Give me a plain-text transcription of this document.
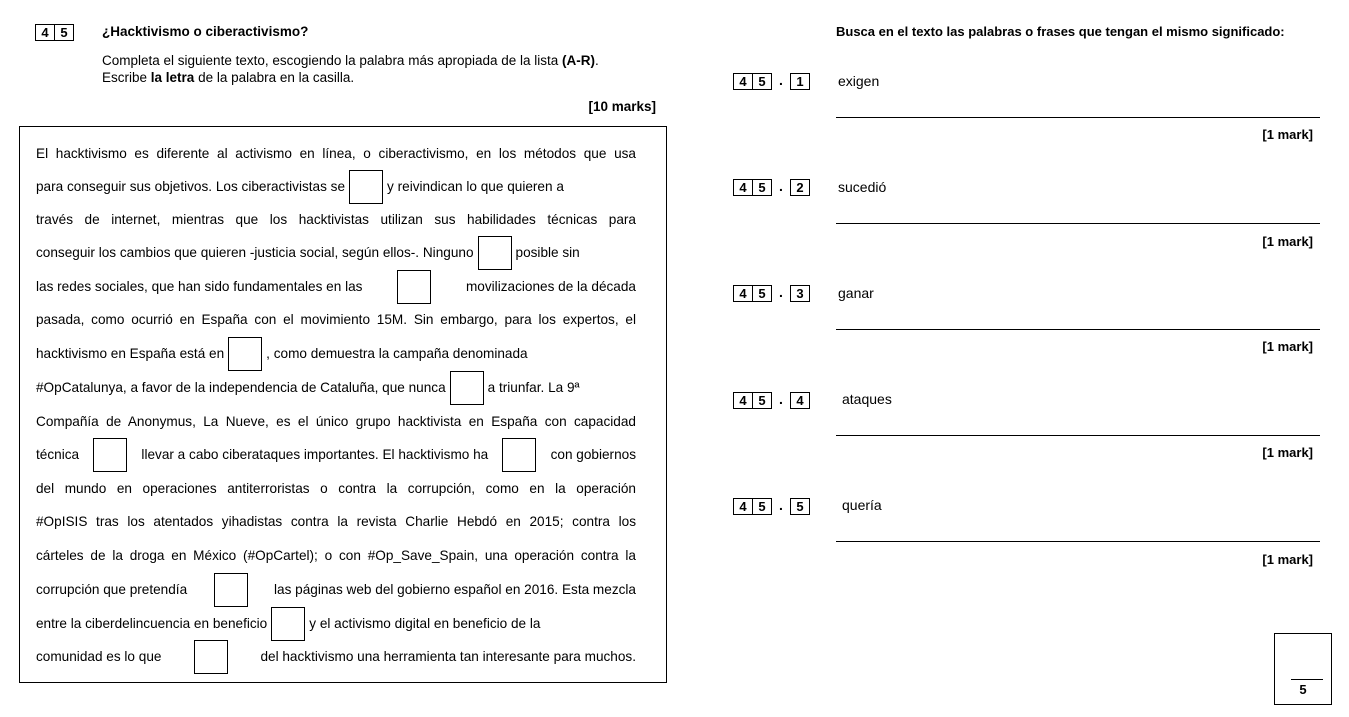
4 5	¿Hacktivismo o ciberactivismo?
Completa el siguiente texto, escogiendo la palabra más apropiada de la lista (A-R).
Escribe la letra de la palabra en la casilla.
[10 marks]
El hacktivismo es diferente al activismo en línea, o ciberactivismo, en los métodos que usa
para conseguir sus objetivos. Los ciberactivistas se	y reivindican lo que quieren a
través de internet, mientras que los hacktivistas utilizan sus habilidades técnicas para
conseguir los cambios que quieren -justicia social, según ellos-. Ninguno	posible sin
las redes sociales, que han sido fundamentales en las	movilizaciones de la década
pasada, como ocurrió en España con el movimiento 15M. Sin embargo, para los expertos, el
hacktivismo en España está en	, como demuestra la campaña denominada
#OpCatalunya, a favor de la independencia de Cataluña, que nunca	a triunfar. La 9ª
Compañía de Anonymus, La Nueve, es el único grupo hacktivista en España con capacidad
técnica	llevar a cabo ciberataques importantes. El hacktivismo ha	con gobiernos
del mundo en operaciones antiterroristas o contra la corrupción, como en la operación
#OpISIS tras los atentados yihadistas contra la revista Charlie Hebdó en 2015; contra los
cárteles de la droga en México (#OpCartel); o con #Op_Save_Spain, una operación contra la
corrupción que pretendía	las páginas web del gobierno español en 2016. Esta mezcla
entre la ciberdelincuencia en beneficio	y el activismo digital en beneficio de la
comunidad es lo que	del hacktivismo una herramienta tan interesante para muchos.
Busca en el texto las palabras o frases que tengan el mismo significado:
4 5 .	1	exigen
[1 mark]
4 5 .	2	sucedió
[1 mark]
4 5 .	3	ganar
[1 mark]
4 5 .	4	ataques
[1 mark]
4 5 .	5	quería
[1 mark]
5
